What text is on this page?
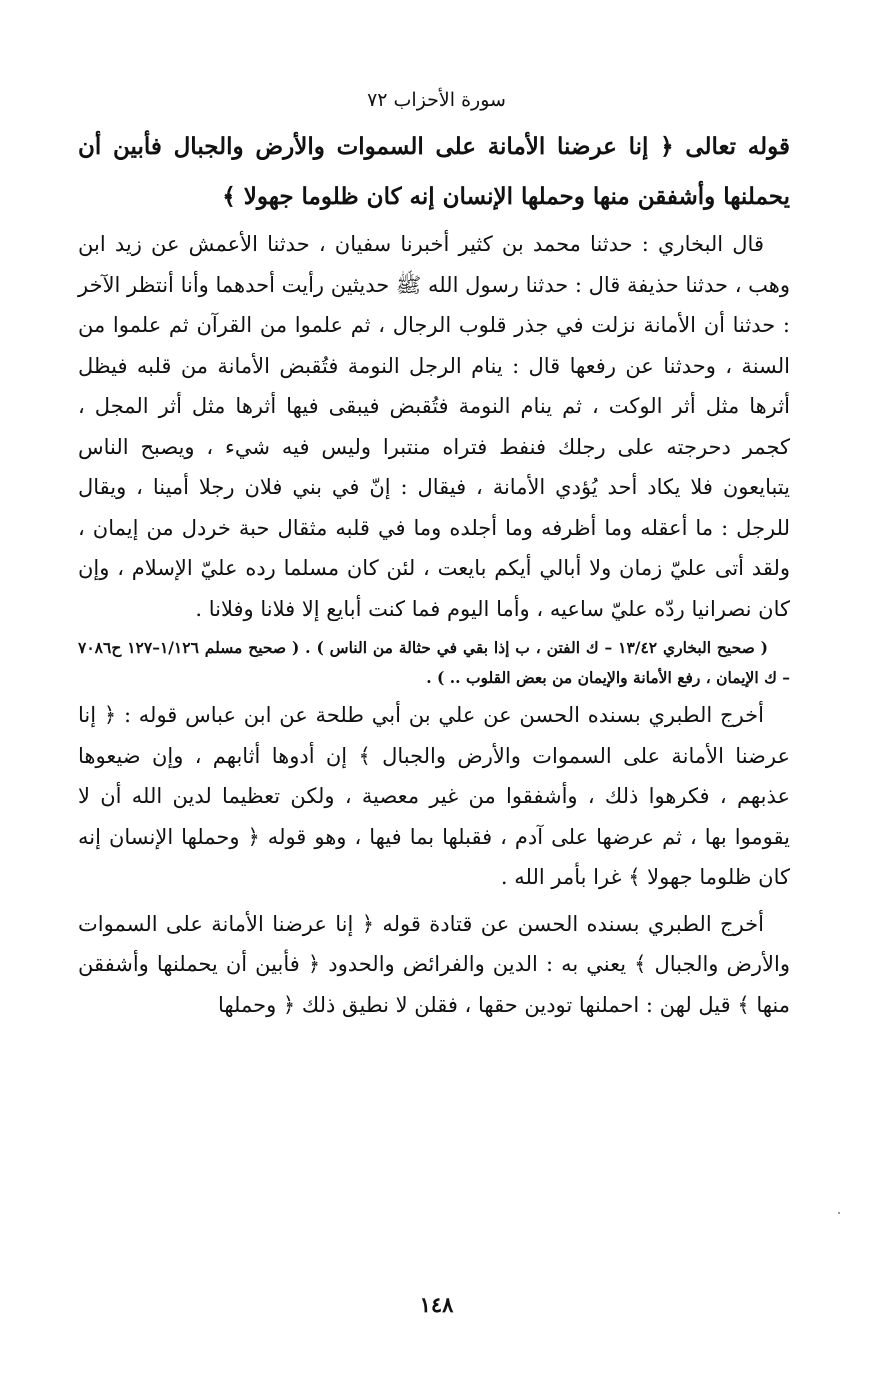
سورة الأحزاب ٧٢

قوله تعالى ﴿ إنا عرضنا الأمانة على السموات والأرض والجبال فأبين أن يحملنها وأشفقن منها وحملها الإنسان إنه كان ظلوما جهولا ﴾

قال البخاري : حدثنا محمد بن كثير أخبرنا سفيان ، حدثنا الأعمش عن زيد ابن وهب ، حدثنا حذيفة قال : حدثنا رسول الله ﷺ حديثين رأيت أحدهما وأنا أنتظر الآخر : حدثنا أن الأمانة نزلت في جذر قلوب الرجال ، ثم علموا من القرآن ثم علموا من السنة ، وحدثنا عن رفعها قال : ينام الرجل النومة فتُقبض الأمانة من قلبه فيظل أثرها مثل أثر الوكت ، ثم ينام النومة فتُقبض فيبقى فيها أثرها مثل أثر المجل ، كجمر دحرجته على رجلك فنفط فتراه منتبرا وليس فيه شيء ، ويصبح الناس يتبايعون فلا يكاد أحد يُؤدي الأمانة ، فيقال : إنّ في بني فلان رجلا أمينا ، ويقال للرجل : ما أعقله وما أظرفه وما أجلده وما في قلبه مثقال حبة خردل من إيمان ، ولقد أتى عليّ زمان ولا أبالي أيكم بايعت ، لئن كان مسلما رده عليّ الإسلام ، وإن كان نصرانيا ردّه عليّ ساعيه ، وأما اليوم فما كنت أبايع إلا فلانا وفلانا .

( صحيح البخاري ١٣/٤٢ – ك الفتن ، ب إذا بقي في حثالة من الناس ) . ( صحيح مسلم ١/١٢٦–١٢٧ ح٧٠٨٦ – ك الإيمان ، رفع الأمانة والإيمان من بعض القلوب .. ) .

أخرج الطبري بسنده الحسن عن علي بن أبي طلحة عن ابن عباس قوله : ﴿ إنا عرضنا الأمانة على السموات والأرض والجبال ﴾ إن أدوها أثابهم ، وإن ضيعوها عذبهم ، فكرهوا ذلك ، وأشفقوا من غير معصية ، ولكن تعظيما لدين الله أن لا يقوموا بها ، ثم عرضها على آدم ، فقبلها بما فيها ، وهو قوله ﴿ وحملها الإنسان إنه كان ظلوما جهولا ﴾ غرا بأمر الله .

أخرج الطبري بسنده الحسن عن قتادة قوله ﴿ إنا عرضنا الأمانة على السموات والأرض والجبال ﴾ يعني به : الدين والفرائض والحدود ﴿ فأبين أن يحملنها وأشفقن منها ﴾ قيل لهن : احملنها تودين حقها ، فقلن لا نطيق ذلك ﴿ وحملها

١٤٨
